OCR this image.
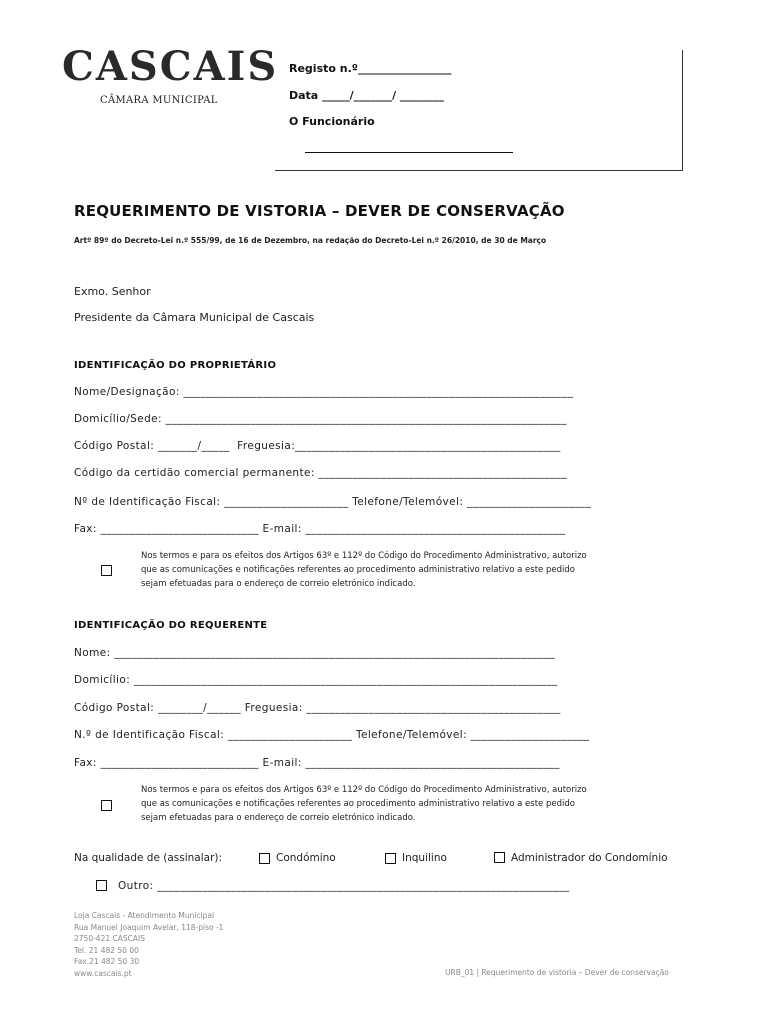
CASCAIS
CÂMARA MUNICIPAL
Registo n.º_________________
Data _____/_______/ ________
O Funcionário
REQUERIMENTO DE VISTORIA – DEVER DE CONSERVAÇÃO
Artº 89º do Decreto-Lei n.º 555/99, de 16 de Dezembro, na redação do Decreto-Lei n.º 26/2010, de 30 de Março
Exmo. Senhor
Presidente da Câmara Municipal de Cascais
IDENTIFICAÇÃO DO PROPRIETÁRIO
Nome/Designação: _____________________________________________________________________
Domicílio/Sede: _______________________________________________________________________
Código Postal: _______/_____  Freguesia:_______________________________________________
Código da certidão comercial permanente: ____________________________________________
Nº de Identificação Fiscal: ______________________ Telefone/Telemóvel: ______________________
Fax: ____________________________ E-mail: ______________________________________________
Nos termos e para os efeitos dos Artigos 63º e 112º do Código do Procedimento Administrativo, autorizo
que as comunicações e notificações referentes ao procedimento administrativo relativo a este pedido
sejam efetuadas para o endereço de correio eletrónico indicado.
IDENTIFICAÇÃO DO REQUERENTE
Nome: ______________________________________________________________________________
Domicílio: ___________________________________________________________________________
Código Postal: ________/______ Freguesia: _____________________________________________
N.º de Identificação Fiscal: ______________________ Telefone/Telemóvel: _____________________
Fax: ____________________________ E-mail: _____________________________________________
Nos termos e para os efeitos dos Artigos 63º e 112º do Código do Procedimento Administrativo, autorizo
que as comunicações e notificações referentes ao procedimento administrativo relativo a este pedido
sejam efetuadas para o endereço de correio eletrónico indicado.
Na qualidade de (assinalar):	Condómino	Inquilino	Administrador do Condomínio
Outro: _________________________________________________________________________
Loja Cascais - Atendimento Municipal
Rua Manuel Joaquim Avelar, 118-piso -1
2750-421 CASCAIS
Tel. 21 482 50 00
Fax.21 482 50 30
www.cascais.pt	URB_01 | Requerimento de vistoria – Dever de conservação
